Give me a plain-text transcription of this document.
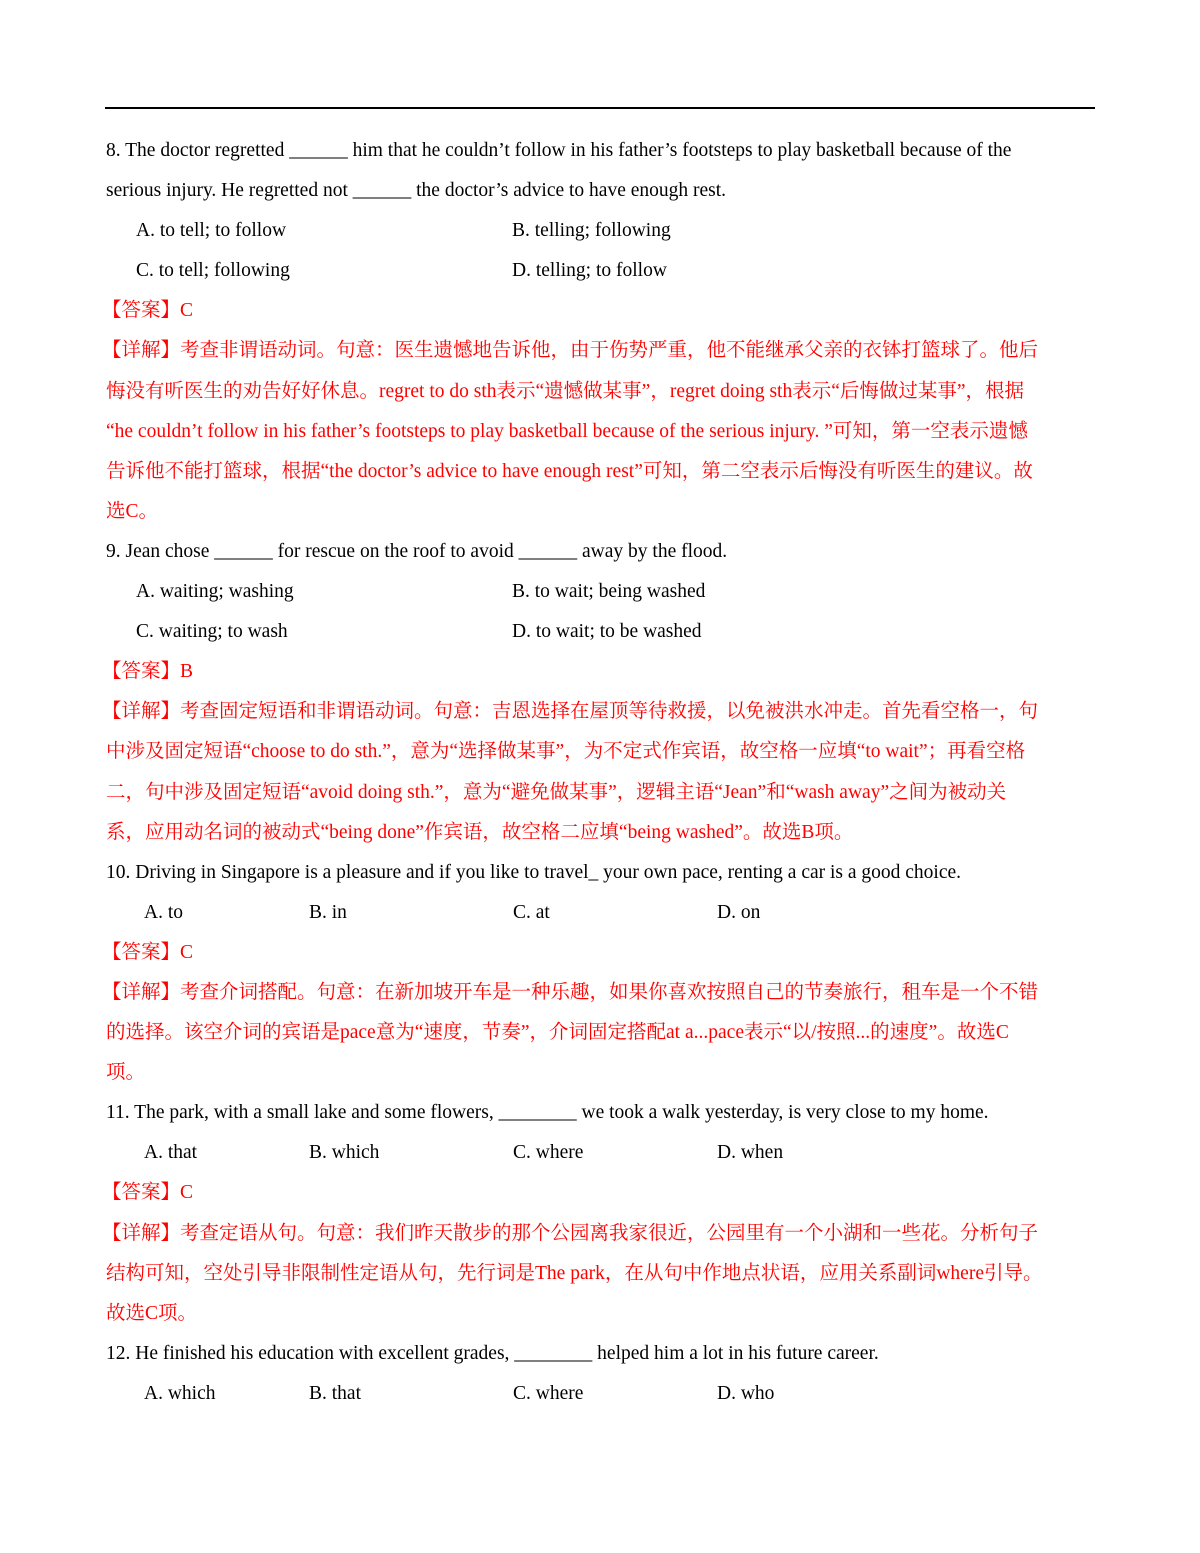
8. The doctor regretted ______ him that he couldn’t follow in his father’s footsteps to play basketball because of the
serious injury. He regretted not ______ the doctor’s advice to have enough rest.
A. to tell; to follow	B. telling; following
C. to tell; following	D. telling; to follow
【答案】C
【详解】考查非谓语动词。句意：医生遗憾地告诉他，由于伤势严重，他不能继承父亲的衣钵打篮球了。他后
悔没有听医生的劝告好好休息。regret to do sth表示“遗憾做某事”，regret doing sth表示“后悔做过某事”，根据
“he couldn’t follow in his father’s footsteps to play basketball because of the serious injury. ”可知，第一空表示遗憾
告诉他不能打篮球，根据“the doctor’s advice to have enough rest”可知，第二空表示后悔没有听医生的建议。故
选C。
9. Jean chose ______ for rescue on the roof to avoid ______ away by the flood.
A. waiting; washing	B. to wait; being washed
C. waiting; to wash	D. to wait; to be washed
【答案】B
【详解】考查固定短语和非谓语动词。句意：吉恩选择在屋顶等待救援，以免被洪水冲走。首先看空格一，句
中涉及固定短语“choose to do sth.”，意为“选择做某事”，为不定式作宾语，故空格一应填“to wait”；再看空格
二，句中涉及固定短语“avoid doing sth.”，意为“避免做某事”，逻辑主语“Jean”和“wash away”之间为被动关
系，应用动名词的被动式“being done”作宾语，故空格二应填“being washed”。故选B项。
10. Driving in Singapore is a pleasure and if you like to travel_ your own pace, renting a car is a good choice.
A. to	B. in	C. at	D. on
【答案】C
【详解】考查介词搭配。句意：在新加坡开车是一种乐趣，如果你喜欢按照自己的节奏旅行，租车是一个不错
的选择。该空介词的宾语是pace意为“速度，节奏”，介词固定搭配at a...pace表示“以/按照...的速度”。故选C
项。
11. The park, with a small lake and some flowers, ________ we took a walk yesterday, is very close to my home.
A. that	B. which	C. where	D. when
【答案】C
【详解】考查定语从句。句意：我们昨天散步的那个公园离我家很近，公园里有一个小湖和一些花。分析句子
结构可知，空处引导非限制性定语从句，先行词是The park，在从句中作地点状语，应用关系副词where引导。
故选C项。
12. He finished his education with excellent grades, ________ helped him a lot in his future career.
A. which	B. that	C. where	D. who
